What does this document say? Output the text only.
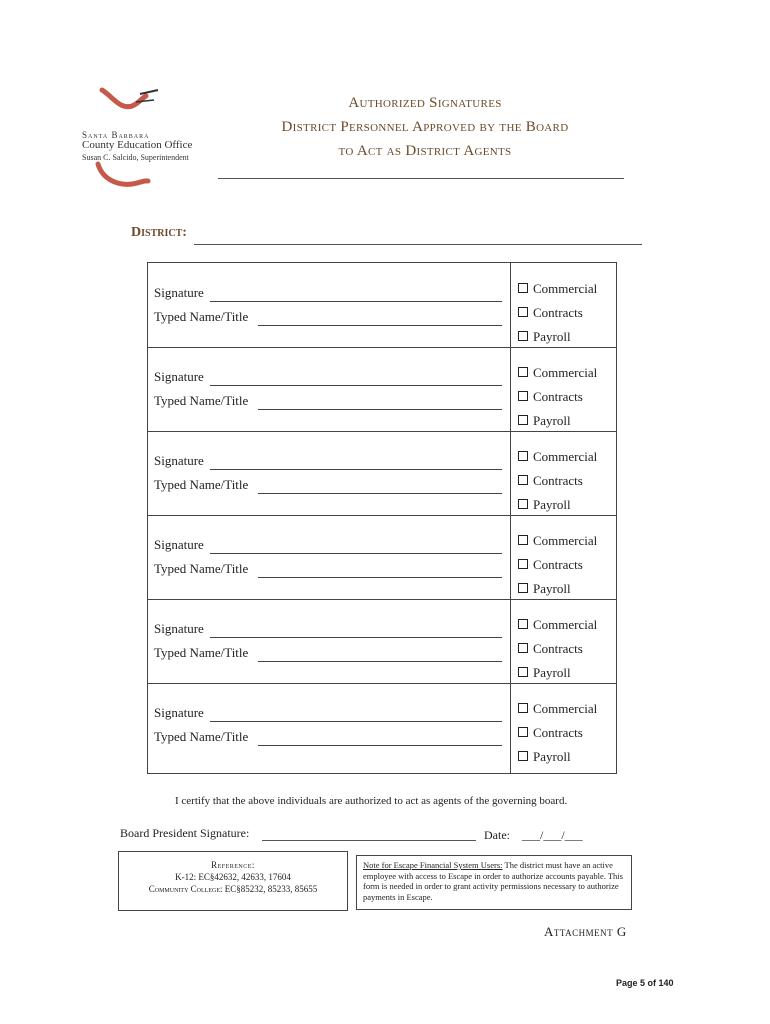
Santa Barbara
County Education Office
Susan C. Salcido, Superintendent
Authorized Signatures
District Personnel Approved by the Board
to Act as District Agents
District:
Signature
Typed Name/Title
Commercial
Contracts
Payroll
Signature
Typed Name/Title
Commercial
Contracts
Payroll
Signature
Typed Name/Title
Commercial
Contracts
Payroll
Signature
Typed Name/Title
Commercial
Contracts
Payroll
Signature
Typed Name/Title
Commercial
Contracts
Payroll
Signature
Typed Name/Title
Commercial
Contracts
Payroll
I certify that the above individuals are authorized to act as agents of the governing board.
Board President Signature:	Date: ___/___/___
Reference:
K-12: EC§42632, 42633, 17604
Community College: EC§85232, 85233, 85655
Note for Escape Financial System Users: The district must have an active employee with access to Escape in order to authorize accounts payable. This form is needed in order to grant activity permissions necessary to authorize payments in Escape.
Attachment G
Page 5 of 140
